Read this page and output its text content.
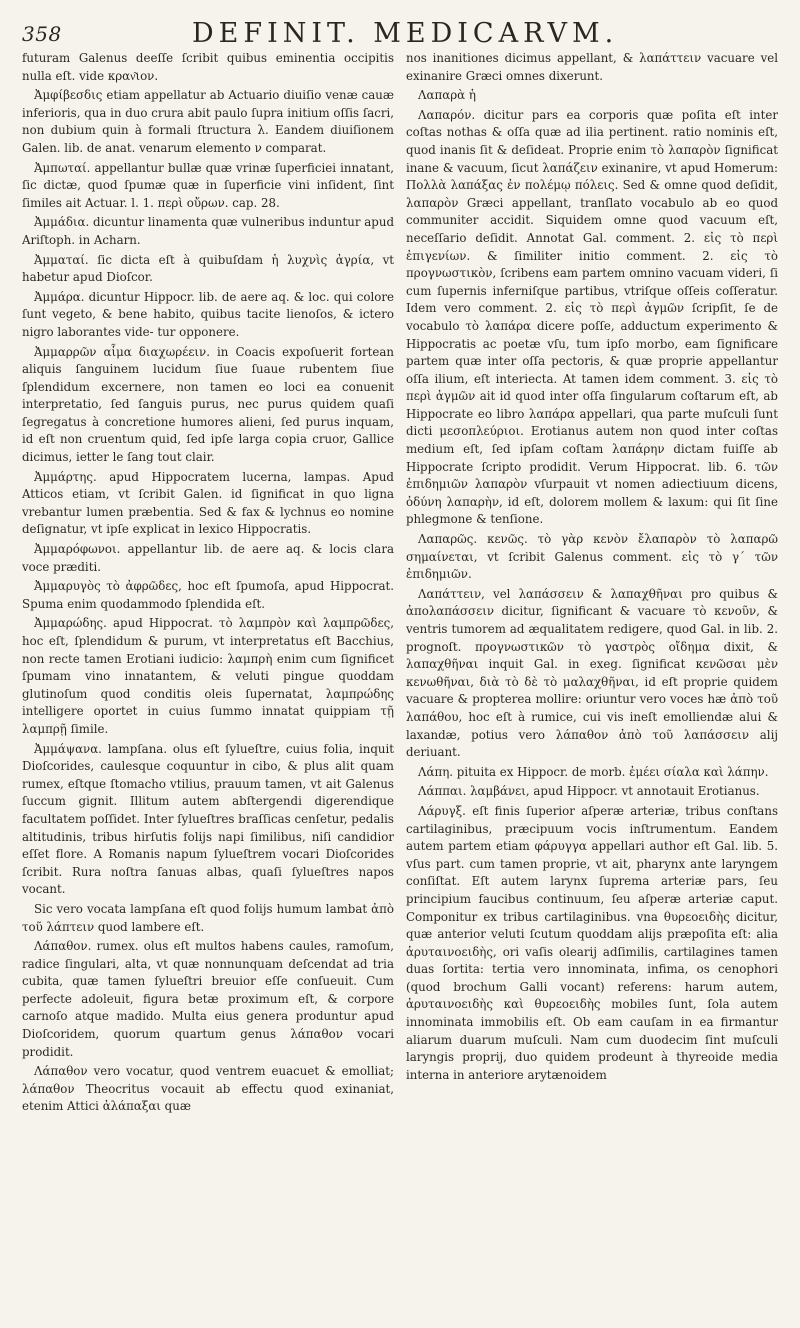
358	DEFINIT. MEDICARVM.

futuram Galenus deeſſe ſcribit quibus eminentia occipitis nulla eſt. vide κραν͂ιον.

Ἀμφίβεσδις etiam appellatur ab Actuario diuiſio venæ cauæ inferioris, qua in duo crura abit paulo ſupra initium oſſis ſacri, non dubium quin à formali ſtructura λ. Eandem diuiſionem Galen. lib. de anat. venarum elemento ν comparat.

Ἀμπωταί. appellantur bullæ quæ vrinæ ſuperficiei innatant, ſic dictæ, quod ſpumæ quæ in ſuperficie vini inſident, ſint ſimiles ait Actuar. l. 1. περὶ οὔρων. cap. 28.

Ἀμμάδια. dicuntur linamenta quæ vulneribus induntur apud Ariſtoph. in Acharn.

Ἀμματαί. ſic dicta eſt à quibuſdam ἡ λυχνὶς ἀγρία, vt habetur apud Dioſcor.

Ἀμμάρα. dicuntur Hippocr. lib. de aere aq. & loc. qui colore ſunt vegeto, & bene habito, quibus tacite lienoſos, & ictero nigro laborantes vide- tur opponere.

Ἀμμαρρῶν αἷμα διαχωρέειν. in Coacis expoſuerit fortean aliquis ſanguinem lucidum ſiue ſuaue rubentem ſiue ſplendidum excernere, non tamen eo loci ea conuenit interpretatio, ſed ſanguis purus, nec purus quidem quaſi ſegregatus à concretione humores alieni, ſed purus inquam, id eſt non cruentum quid, ſed ipſe larga copia cruor, Gallice dicimus, ietter le ſang tout clair.

Ἀμμάρτης. apud Hippocratem lucerna, lampas. Apud Atticos etiam, vt ſcribit Galen. id ſignificat in quo ligna vrebantur lumen præbentia. Sed & fax & lychnus eo nomine deſignatur, vt ipſe explicat in lexico Hippocratis.

Ἀμμαρόφωνοι. appellantur lib. de aere aq. & locis clara voce præditi.

Ἀμμαρυγὸς τὸ ἀφρῶδες, hoc eſt ſpumoſa, apud Hippocrat. Spuma enim quodammodo ſplendida eſt.

Ἀμμαρώδης. apud Hippocrat. τὸ λαμπρὸν καὶ λαμπρῶδες, hoc eſt, ſplendidum & purum, vt interpretatus eſt Bacchius, non recte tamen Erotiani iudicio: λαμπρὴ enim cum ſignificet ſpumam vino innatantem, & veluti pingue quoddam glutinoſum quod conditis oleis ſupernatat, λαμπρώδης intelligere oportet in cuius ſummo innatat quippiam τῇ λαμπρῇ ſimile.

Ἀμμάψανα. lampſana. olus eſt ſylueſtre, cuius folia, inquit Dioſcorides, caulesque coquuntur in cibo, & plus alit quam rumex, eſtque ſtomacho vtilius, prauum tamen, vt ait Galenus ſuccum gignit. Illitum autem abſtergendi digerendique facultatem poſſidet. Inter ſylueſtres braſſicas cenſetur, pedalis altitudinis, tribus hirſutis folijs napi ſimilibus, niſi candidior eſſet flore. A Romanis napum ſylueſtrem vocari Dioſcorides ſcribit. Rura noſtra ſanuas albas, quaſi ſylueſtres napos vocant.

Sic vero vocata lampſana eſt quod folijs humum lambat ἀπὸ τοῦ λάπτειν quod lambere eſt.

Λάπαθον. rumex. olus eſt multos habens caules, ramoſum, radice ſingulari, alta, vt quæ nonnunquam deſcendat ad tria cubita, quæ tamen ſylueſtri breuior eſſe conſueuit. Cum perfecte adoleuit, figura betæ proximum eſt, & corpore carnoſo atque madido. Multa eius genera produntur apud Dioſcoridem, quorum quartum genus λάπαθον vocari prodidit.

Λάπαθον vero vocatur, quod ventrem euacuet & emolliat; λάπαθον Theocritus vocauit ab effectu quod exinaniat, etenim Attici ἀλάπαξαι quæ

nos inanitiones dicimus appellant, & λαπάττειν vacuare vel exinanire Græci omnes dixerunt.

Λαπαρὰ ἡ

Λαπαρόν. dicitur pars ea corporis quæ poſita eſt inter coſtas nothas & oſſa quæ ad ilia pertinent. ratio nominis eſt, quod inanis ſit & deſideat. Proprie enim τὸ λαπαρὸν ſignificat inane & vacuum, ſicut λαπάζειν exinanire, vt apud Homerum: Πολλὰ λαπάξας ἐν πολέμῳ πόλεις. Sed & omne quod deſidit, λαπαρὸν Græci appellant, tranſlato vocabulo ab eo quod communiter accidit. Siquidem omne quod vacuum eſt, neceſſario deſidit. Annotat Gal. comment. 2. εἰς τὸ περὶ ἐπιγενίων. & ſimiliter initio comment. 2. εἰς τὸ προγνωστικὸν, ſcribens eam partem omnino vacuam videri, ſi cum ſupernis inferniſque partibus, vtriſque oſſeis coſſeratur. Idem vero comment. 2. εἰς τὸ περὶ ἀγμῶν ſcripſit, ſe de vocabulo τὸ λαπάρα dicere poſſe, adductum experimento & Hippocratis ac poetæ vſu, tum ipſo morbo, eam ſignificare partem quæ inter oſſa pectoris, & quæ proprie appellantur oſſa ilium, eſt interiecta. At tamen idem comment. 3. εἰς τὸ περὶ ἀγμῶν ait id quod inter oſſa ſingularum coſtarum eſt, ab Hippocrate eo libro λαπάρα appellari, qua parte muſculi ſunt dicti μεσοπλεύριοι. Erotianus autem non quod inter coſtas medium eſt, ſed ipſam coſtam λαπάρην dictam fuiſſe ab Hippocrate ſcripto prodidit. Verum Hippocrat. lib. 6. τῶν ἐπιδημιῶν λαπαρὸν vſurpauit vt nomen adiectiuum dicens, ὀδύνη λαπαρὴν, id eſt, dolorem mollem & laxum: qui ſit ſine phlegmone & tenſione.

Λαπαρῶς. κενῶς. τὸ γὰρ κενὸν ἔλαπαρὸν τὸ λαπαρῶ σημαίνεται, vt ſcribit Galenus comment. εἰς τὸ γ΄ τῶν ἐπιδημιῶν.

Λαπάττειν, vel λαπάσσειν & λαπαχθῆναι pro quibus & ἀπολαπάσσειν dicitur, ſignificant & vacuare τὸ κενοῦν, & ventris tumorem ad æqualitatem redigere, quod Gal. in lib. 2. prognoſt. προγνωστικῶν τὸ γαστρὸς οἴδημα dixit, & λαπαχθῆναι inquit Gal. in exeg. ſignificat κενῶσαι μὲν κενωθῆναι, διὰ τὸ δὲ τὸ μαλαχθῆναι, id eſt proprie quidem vacuare & propterea mollire: oriuntur vero voces hæ ἀπὸ τοῦ λαπάθου, hoc eſt à rumice, cui vis ineſt emolliendæ alui & laxandæ, potius vero λάπαθον ἀπὸ τοῦ λαπάσσειν alij deriuant.

Λάπη. pituita ex Hippocr. de morb. ἐμέει σίαλα καὶ λάπην.

Λάππαι. λαμβάνει, apud Hippocr. vt annotauit Erotianus.

Λάρυγξ. eſt finis ſuperior aſperæ arteriæ, tribus conſtans cartilaginibus, præcipuum vocis inſtrumentum. Eandem autem partem etiam φάρυγγα appellari author eſt Gal. lib. 5. vſus part. cum tamen proprie, vt ait, pharynx ante laryngem conſiſtat. Eſt autem larynx ſuprema arteriæ pars, ſeu principium faucibus continuum, ſeu aſperæ arteriæ caput. Componitur ex tribus cartilaginibus. vna θυρεοειδὴς dicitur, quæ anterior veluti ſcutum quoddam alijs præpoſita eſt: alia ἀρυταινοειδὴς, ori vaſis olearij adſimilis, cartilagines tamen duas ſortita: tertia vero innominata, infima, os cenophori (quod brochum Galli vocant) referens: harum autem, ἀρυταινοειδὴς καὶ θυρεοειδὴς mobiles ſunt, ſola autem innominata immobilis eſt. Ob eam cauſam in ea firmantur aliarum duarum muſculi. Nam cum duodecim ſint muſculi laryngis proprij, duo quidem prodeunt à thyreoide media interna in anteriore arytænoidem
